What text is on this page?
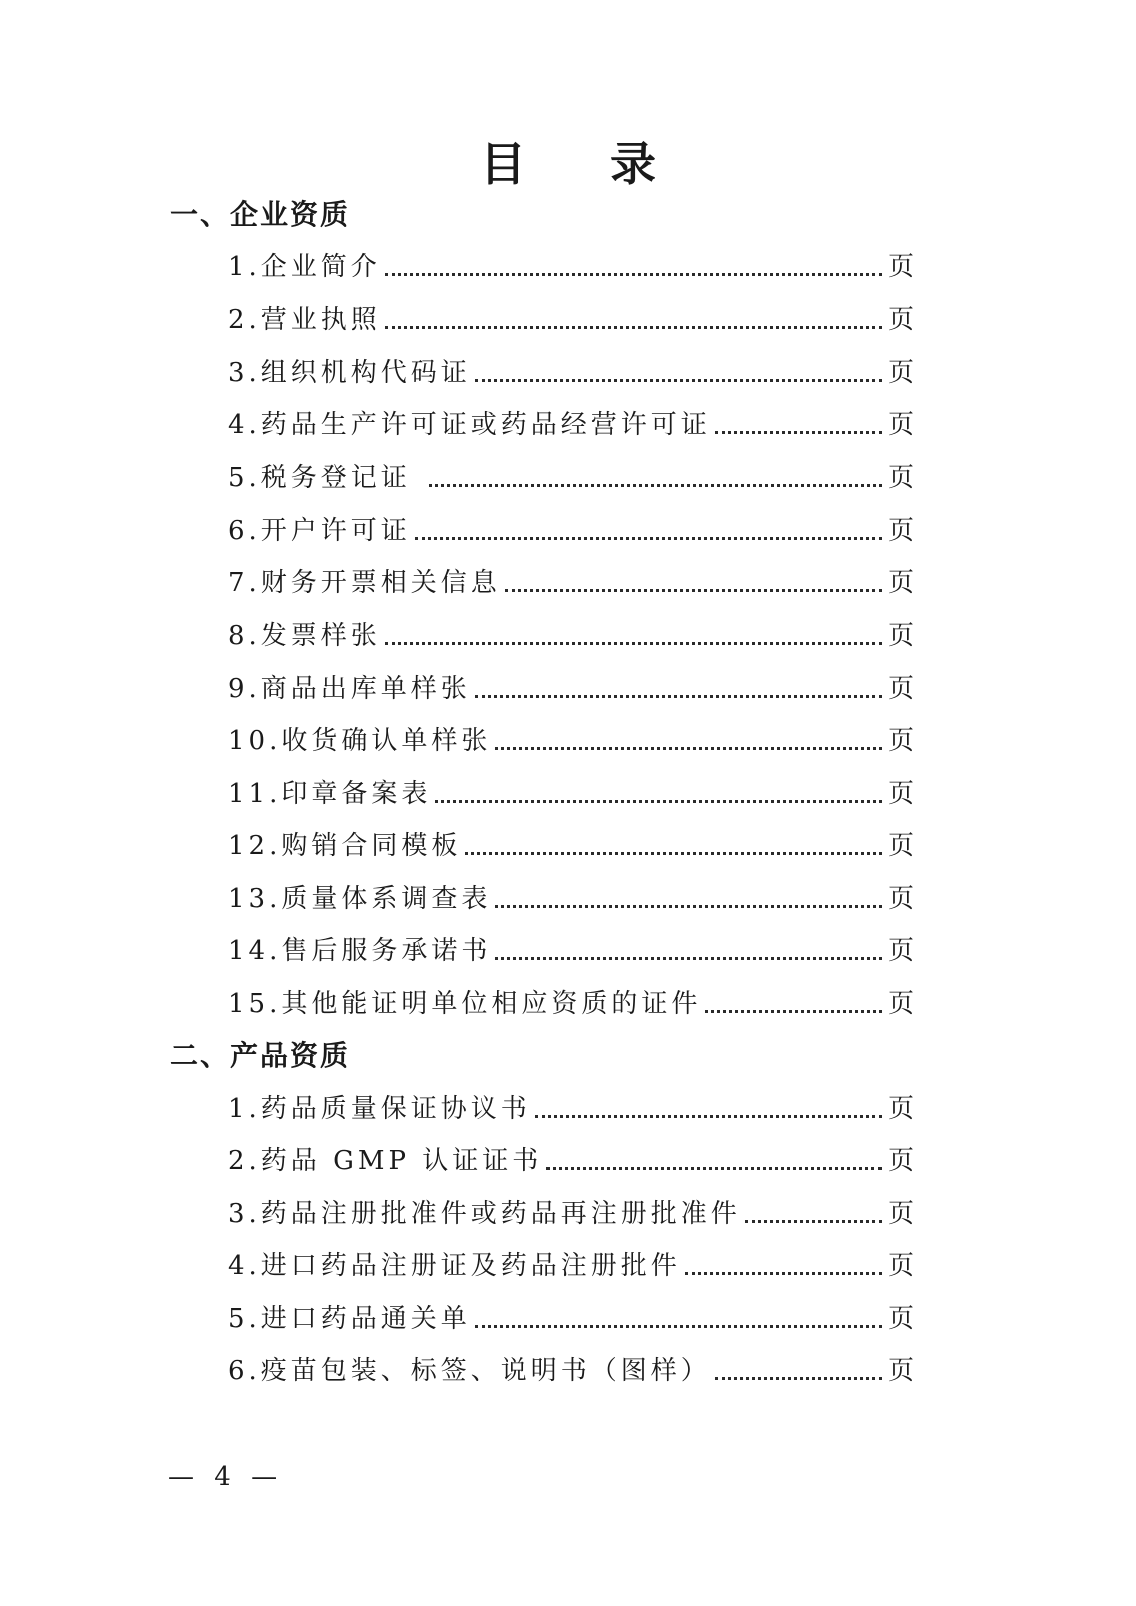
目 录
一、企业资质
1.企业简介	页
2.营业执照	页
3.组织机构代码证	页
4.药品生产许可证或药品经营许可证	页
5.税务登记证	页
6.开户许可证	页
7.财务开票相关信息	页
8.发票样张	页
9.商品出库单样张	页
10.收货确认单样张	页
11.印章备案表	页
12.购销合同模板	页
13.质量体系调查表	页
14.售后服务承诺书	页
15.其他能证明单位相应资质的证件	页
二、产品资质
1.药品质量保证协议书	页
2.药品 GMP 认证证书	页
3.药品注册批准件或药品再注册批准件	页
4.进口药品注册证及药品注册批件	页
5.进口药品通关单	页
6.疫苗包装、标签、说明书（图样）	页
— 4 —
